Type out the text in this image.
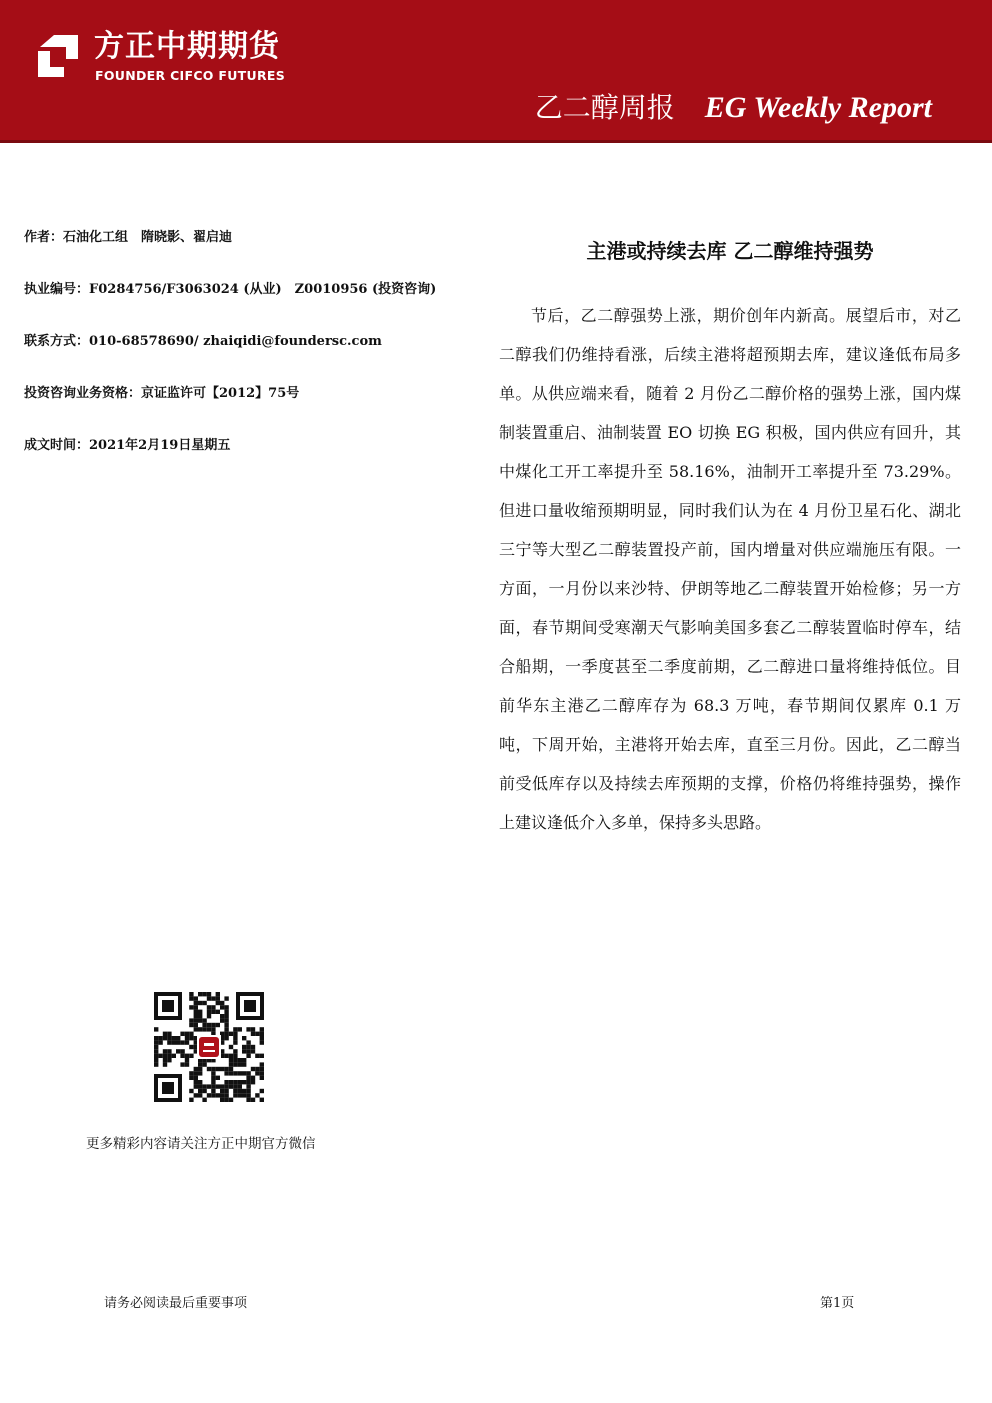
方正中期期货
FOUNDER CIFCO FUTURES
乙二醇周报 EG Weekly Report
作者：石油化工组　隋晓影、翟启迪
执业编号：F0284756/F3063024 (从业)　Z0010956 (投资咨询)
联系方式：010-68578690/ zhaiqidi@foundersc.com
投资咨询业务资格：京证监许可【2012】75号
成文时间：2021年2月19日星期五
主港或持续去库 乙二醇维持强势

节后，乙二醇强势上涨，期价创年内新高。展望后市，对乙二醇我们仍维持看涨，后续主港将超预期去库，建议逢低布局多单。从供应端来看，随着 2 月份乙二醇价格的强势上涨，国内煤制装置重启、油制装置 EO 切换 EG 积极，国内供应有回升，其中煤化工开工率提升至 58.16%，油制开工率提升至 73.29%。但进口量收缩预期明显，同时我们认为在 4 月份卫星石化、湖北三宁等大型乙二醇装置投产前，国内增量对供应端施压有限。一方面，一月份以来沙特、伊朗等地乙二醇装置开始检修；另一方面，春节期间受寒潮天气影响美国多套乙二醇装置临时停车，结合船期，一季度甚至二季度前期，乙二醇进口量将维持低位。目前华东主港乙二醇库存为 68.3 万吨，春节期间仅累库 0.1 万吨，下周开始，主港将开始去库，直至三月份。因此，乙二醇当前受低库存以及持续去库预期的支撑，价格仍将维持强势，操作上建议逢低介入多单，保持多头思路。

更多精彩内容请关注方正中期官方微信
请务必阅读最后重要事项	第1页
